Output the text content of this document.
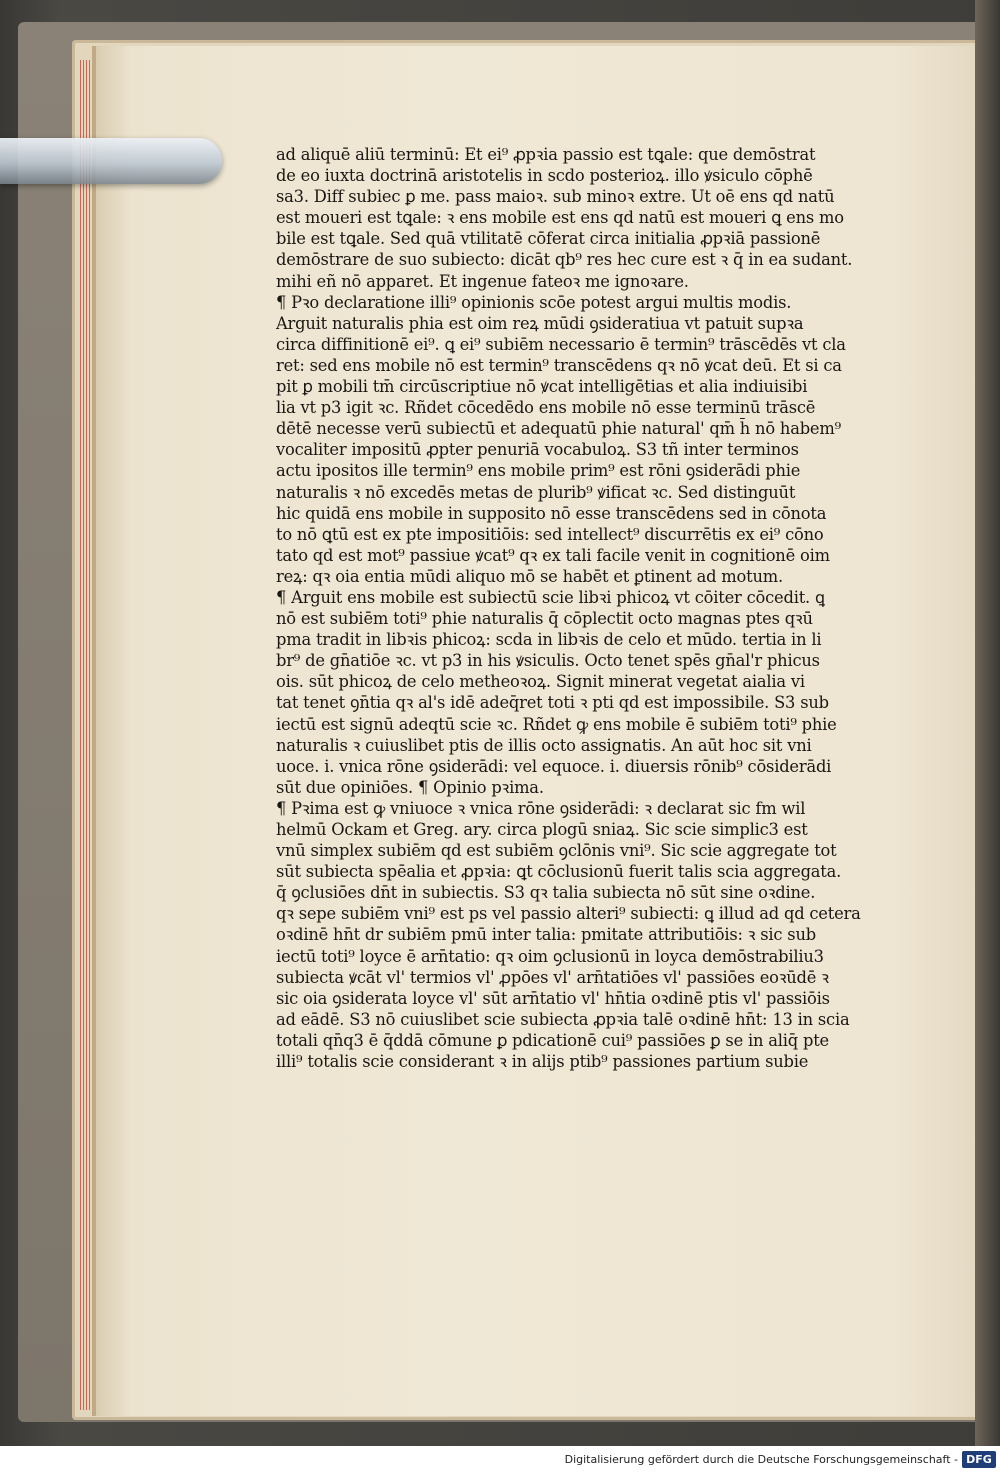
ad aliquē aliū terminū: Et ei⁹ ꝓpꝛia passio est tꝗale: que demōstrat
de eo iuxta doctrinā aristotelis in scdo posterioꝝ. illo ꝟsiculo cōphē
sa3. Diff subiec ꝑ me. pass maioꝛ. sub minoꝛ extre. Ut oē ens qd natū
est moueri est tꝗale: ꝛ ens mobile est ens qd natū est moueri ꝗ ens mo
bile est tꝗale. Sed quā vtilitatē cōferat circa initialia ꝓpꝛiā passionē
demōstrare de suo subiecto: dicāt qb⁹ res hec cure est ꝛ q̄ in ea sudant.
mihi eñ nō apparet. Et ingenue fateoꝛ me ignoꝛare.
¶ Pꝛo declaratione illi⁹ opinionis scōe potest argui multis modis.
Arguit naturalis phia est oim reꝝ mūdi ꝯsideratiua vt patuit supꝛa
circa diffinitionē ei⁹. ꝗ ei⁹ subiēm necessario ē termin⁹ trāscēdēs vt cla
ret: sed ens mobile nō est termin⁹ transcēdens qꝛ nō ꝟcat deū. Et si ca
pit ꝑ mobili tm̄ circūscriptiue nō ꝟcat intelligētias et alia indiuisibi
lia vt p3 igit ꝛc. Rñdet cōcedēdo ens mobile nō esse terminū trāscē
dētē necesse verū subiectū et adequatū phie natural' qm̄ h̄ nō habem⁹
vocaliter impositū ꝓpter penuriā vocabuloꝝ. S3 tñ inter terminos
actu ipositos ille termin⁹ ens mobile prim⁹ est rōni ꝯsiderādi phie
naturalis ꝛ nō excedēs metas de plurib⁹ ꝟificat ꝛc. Sed distinguūt
hic quidā ens mobile in supposito nō esse transcēdens sed in cōnota
to nō ꝗtū est ex pte impositiōis: sed intellect⁹ discurrētis ex ei⁹ cōno
tato qd est mot⁹ passiue ꝟcat⁹ qꝛ ex tali facile venit in cognitionē oim
reꝝ: qꝛ oia entia mūdi aliquo mō se habēt et ꝑtinent ad motum.
¶ Arguit ens mobile est subiectū scie libꝛi phicoꝝ vt cōiter cōcedit. ꝗ
nō est subiēm toti⁹ phie naturalis q̄ cōplectit octo magnas ptes qꝛū
pma tradit in libꝛis phicoꝝ: scda in libꝛis de celo et mūdo. tertia in li
br⁹ de gn̄atiōe ꝛc. vt p3 in his ꝟsiculis. Octo tenet spēs gn̄al'r phicus
ois. sūt phicoꝝ de celo metheoꝛoꝝ. Signit minerat vegetat aialia vi
tat tenet ꝯn̄tia qꝛ al's idē adeq̄ret toti ꝛ pti qd est impossibile. S3 sub
iectū est signū adeqtū scie ꝛc. Rñdet ꝙ ens mobile ē subiēm toti⁹ phie
naturalis ꝛ cuiuslibet ptis de illis octo assignatis. An aūt hoc sit vni
uoce. i. vnica rōne ꝯsiderādi: vel equoce. i. diuersis rōnib⁹ cōsiderādi
sūt due opiniōes. ¶ Opinio pꝛima.
¶ Pꝛima est ꝙ vniuoce ꝛ vnica rōne ꝯsiderādi: ꝛ declarat sic fm wil
helmū Ockam et Greg. ary. circa plogū sniaꝝ. Sic scie simplic3 est
vnū simplex subiēm qd est subiēm ꝯclōnis vni⁹. Sic scie aggregate tot
sūt subiecta spēalia et ꝓpꝛia: ꝗt cōclusionū fuerit talis scia aggregata.
q̄ ꝯclusiōes dn̄t in subiectis. S3 qꝛ talia subiecta nō sūt sine oꝛdine.
qꝛ sepe subiēm vni⁹ est ps vel passio alteri⁹ subiecti: ꝗ illud ad qd cetera
oꝛdinē hn̄t dr subiēm pmū inter talia: pmitate attributiōis: ꝛ sic sub
iectū toti⁹ loyce ē arn̄tatio: qꝛ oim ꝯclusionū in loyca demōstrabiliu3
subiecta ꝟcāt vl' termios vl' ꝓpōes vl' arn̄tatiōes vl' passiōes eoꝛūdē ꝛ
sic oia ꝯsiderata loyce vl' sūt arn̄tatio vl' hn̄tia oꝛdinē ptis vl' passiōis
ad eādē. S3 nō cuiuslibet scie subiecta ꝓpꝛia talē oꝛdinē hn̄t: 13 in scia
totali qn̄q3 ē q̄ddā cōmune ꝑ pdicationē cui⁹ passiōes ꝑ se in aliq̄ pte
illi⁹ totalis scie considerant ꝛ in alijs ptib⁹ passiones partium subie
Digitalisierung gefördert durch die Deutsche Forschungsgemeinschaft - DFG
